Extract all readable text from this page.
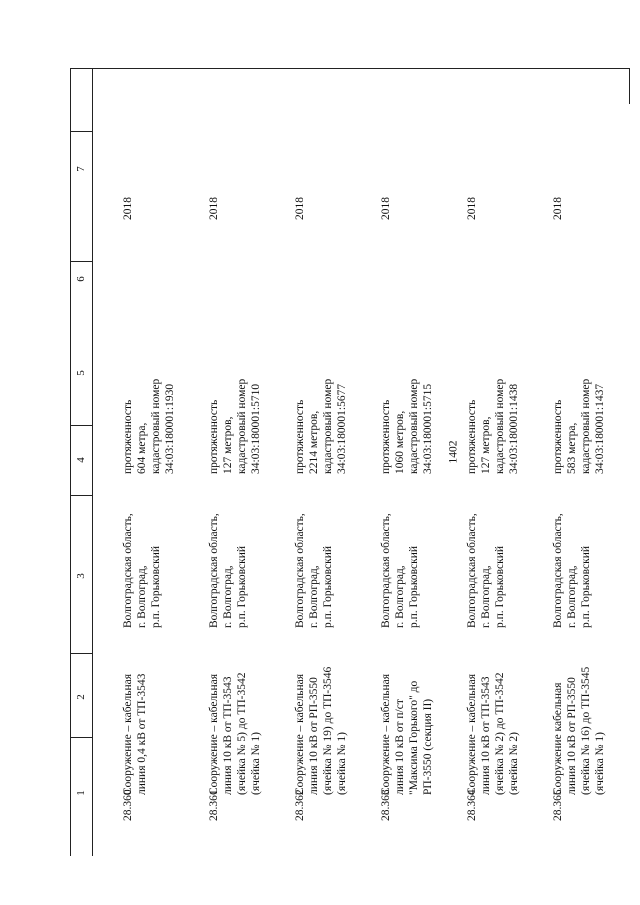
1402
1
2
3
4
5
6
7
28.360
Сооружение – кабельная
линия 0,4 кВ от ТП-3543
Волгоградская область,
г. Волгоград,
р.п. Горьковский
протяженность
604 метра,
кадастровый номер
34:03:180001:1930
2018
28.361
Сооружение – кабельная
линия 10 кВ от ТП-3543
(ячейка № 5) до ТП-3542
(ячейка № 1)
Волгоградская область,
г. Волгоград,
р.п. Горьковский
протяженность
127 метров,
кадастровый номер
34:03:180001:5710
2018
28.362
Сооружение – кабельная
линия 10 кВ от РП-3550
(ячейка № 19) до ТП-3546
(ячейка № 1)
Волгоградская область,
г. Волгоград,
р.п. Горьковский
протяженность
2214 метров,
кадастровый номер
34:03:180001:5677
2018
28.363
Сооружение – кабельная
линия 10 кВ от п/ст
"Максима Горького" до
РП-3550 (секция II)
Волгоградская область,
г. Волгоград,
р.п. Горьковский
протяженность
1060 метров,
кадастровый номер
34:03:180001:5715
2018
28.364
Сооружение – кабельная
линия 10 кВ от ТП-3543
(ячейка № 2) до ТП-3542
(ячейка № 2)
Волгоградская область,
г. Волгоград,
р.п. Горьковский
протяженность
127 метров,
кадастровый номер
34:03:180001:1438
2018
28.365
Сооружение кабельная
линия 10 кВ от РП-3550
(ячейка № 16) до ТП-3545
(ячейка № 1)
Волгоградская область,
г. Волгоград,
р.п. Горьковский
протяженность
583 метра,
кадастровый номер
34:03:180001:1437
2018
